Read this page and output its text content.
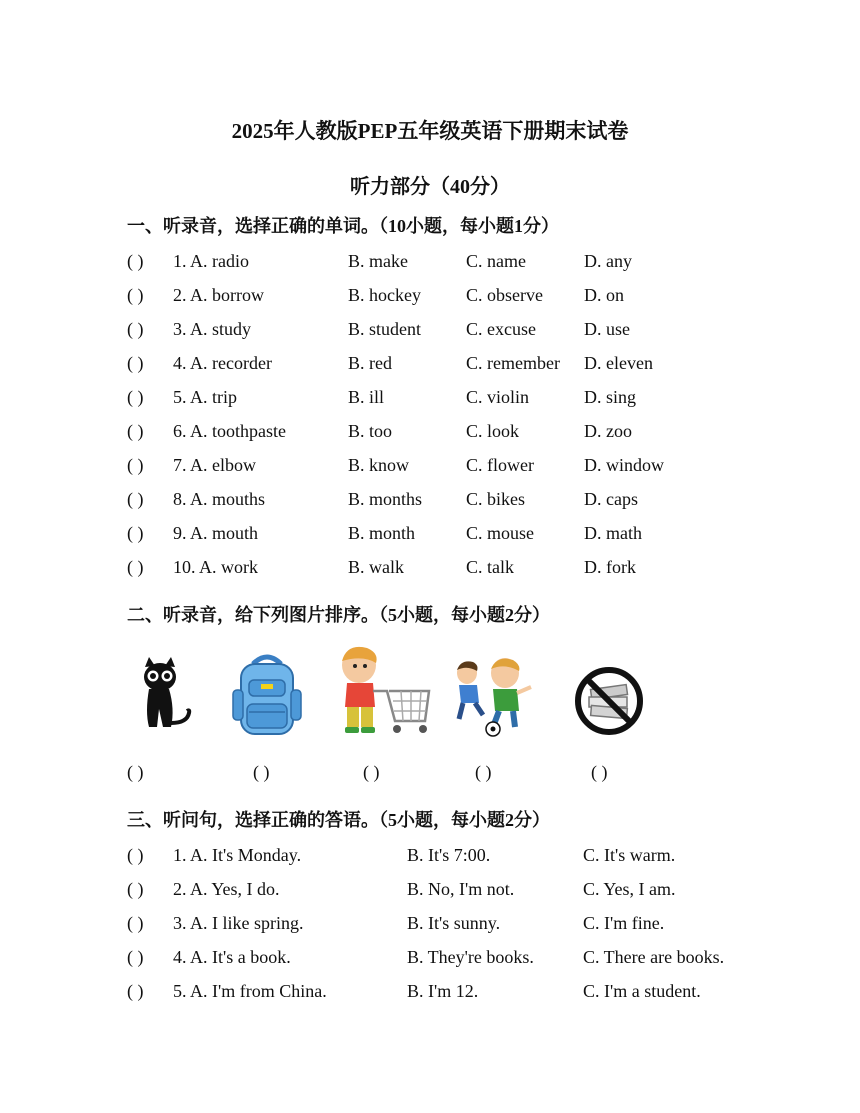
2025年人教版PEP五年级英语下册期末试卷
听力部分（40分）
一、听录音，选择正确的单词。（10小题，每小题1分）
( ) 1. A. radio	B. make	C. name	D. any
( ) 2. A. borrow	B. hockey	C. observe D. on
( ) 3. A. study	B. student C. excuse	D. use
( ) 4. A. recorder	B. red	C. remember D. eleven
( ) 5. A. trip	B. ill	C. violin	D. sing
( ) 6. A. toothpaste	B. too	C. look	D. zoo
( ) 7. A. elbow	B. know	C. flower	D. window
( ) 8. A. mouths	B. months C. bikes	D. caps
( ) 9. A. mouth	B. month	C. mouse	D. math
( ) 10. A. work	B. walk	C. talk	D. fork
二、听录音，给下列图片排序。（5小题，每小题2分）
( )	( )	( )	( )	( )
三、听问句，选择正确的答语。（5小题，每小题2分）
( ) 1. A. It's Monday.	B. It's 7:00.	C. It's warm.
( ) 2. A. Yes, I do.	B. No, I'm not.	C. Yes, I am.
( ) 3. A. I like spring.	B. It's sunny.	C. I'm fine.
( ) 4. A. It's a book.	B. They're books.	C. There are books.
( ) 5. A. I'm from China.	B. I'm 12.	C. I'm a student.
